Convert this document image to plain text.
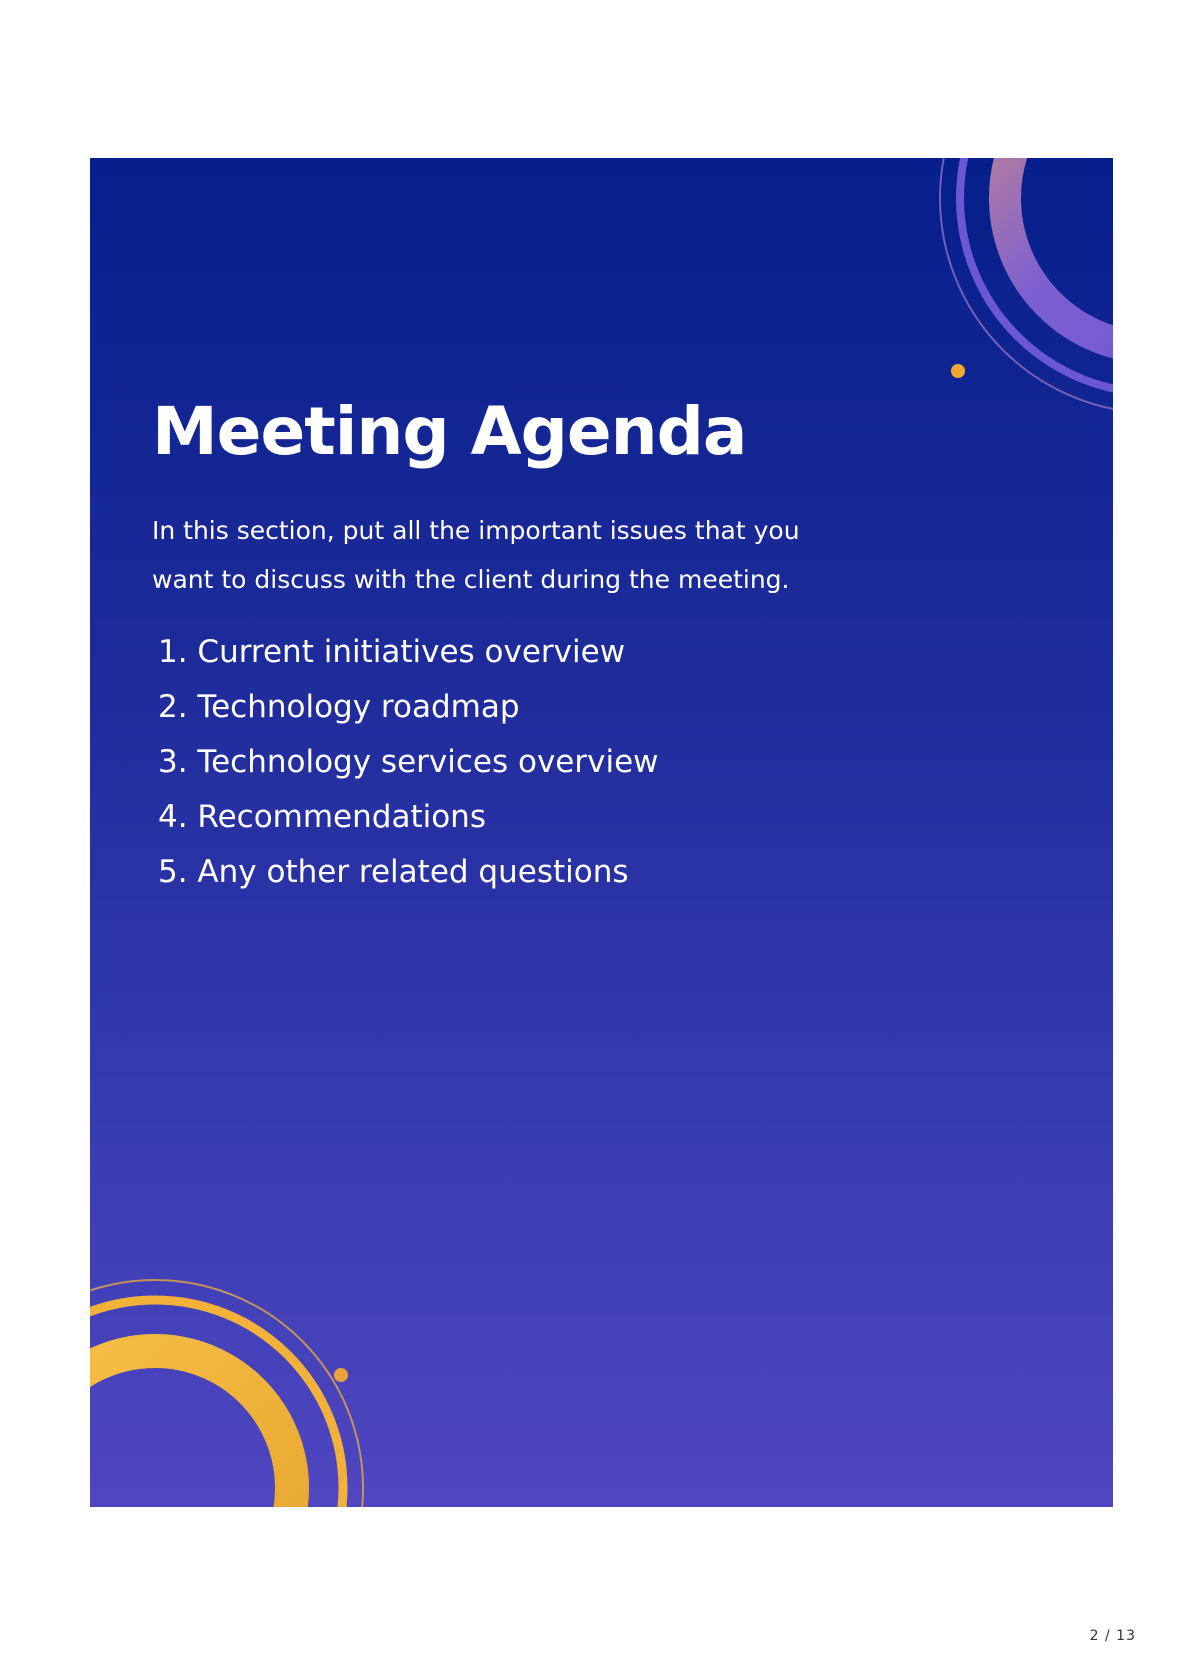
Meeting Agenda

In this section, put all the important issues that you
want to discuss with the client during the meeting.

1. Current initiatives overview
2. Technology roadmap
3. Technology services overview
4. Recommendations
5. Any other related questions
2 / 13
